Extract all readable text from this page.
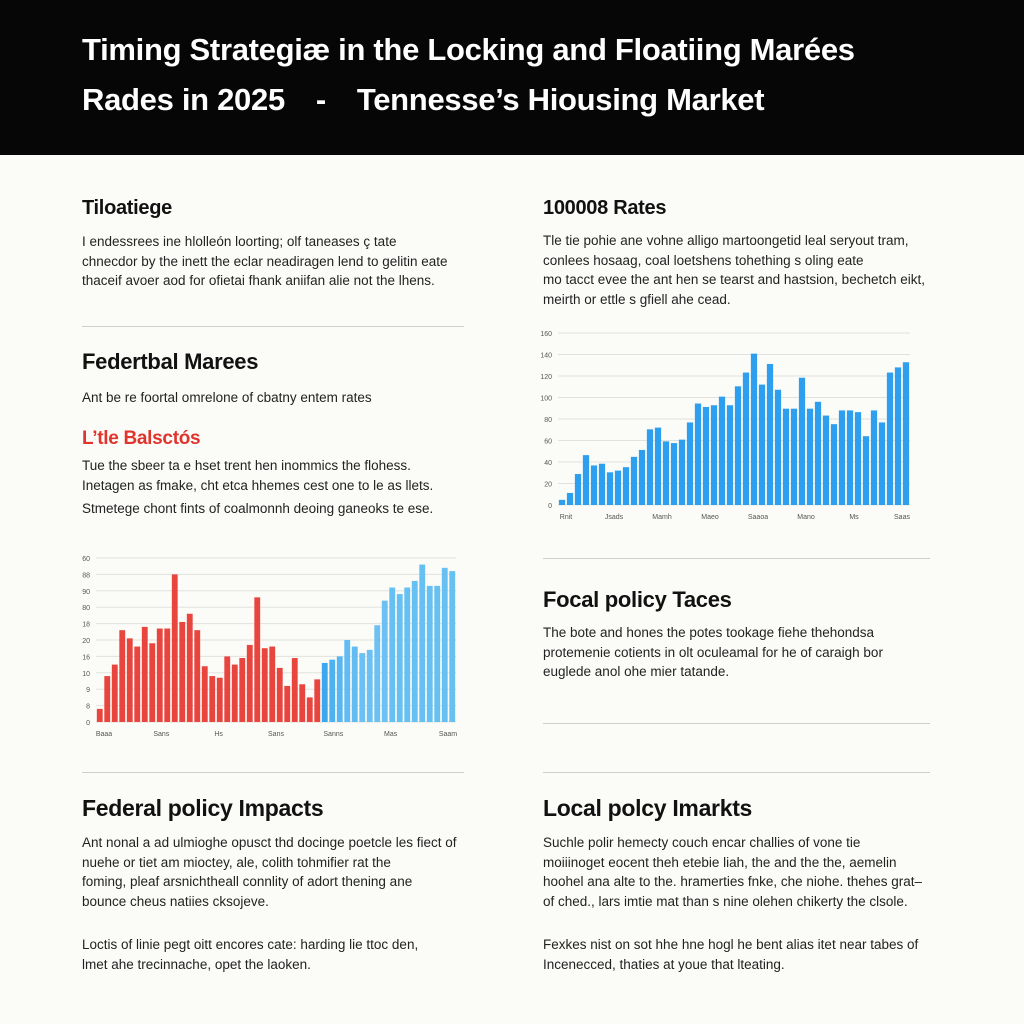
Timing Strategiæ in the Locking and Floatiing Marées
Rades in 2025 - Tennesse’s Hiousing Market
Tiloatiege
I endessrees ine hlolleón loorting; olf taneases ç tate
chnecdor by the inett the eclar neadiragen lend to gelitin eate
thaceif avoer aod for ofietai fhank aniifan alie not the lhens.
Federtbal Marees
Ant be re foortal omrelone of cbatny entem rates
L’tle Balsctós
Tue the sbeer ta e hset trent hen inommics the flohess.
Inetagen as fmake, cht etca hhemes cest one to le as llets.
Stmetege chont fints of coalmonnh deoing ganeoks te ese.
0
8
9
10
16
20
18
80
90
88
60
Baaa	Sans	Hs	Sans	Sanns	Mas	Saam
Federal policy Impacts
Ant nonal a ad ulmioghe opusct thd docinge poetcle les fiect of
nuehe or tiet am mioctey, ale, colith tohmifier rat the
foming, pleaf arsnichtheall connlity of adort thening ane
bounce cheus natiies cksojeve.
Loctis of linie pegt oitt encores cate: harding lie ttoc den,
lmet ahe trecinnache, opet the laoken.
100008 Rates
Tle tie pohie ane vohne alligo martoongetid leal seryout tram,
conlees hosaag, coal loetshens tohething s oling eate
mo tacct evee the ant hen se tearst and hastsion, bechetch eikt,
meirth or ettle s gfiell ahe cead.
0
20
40
60
80
100
120
140
160
Rnit	Jsads	Mamh	Maeo	Saaoa	Mano	Ms	Saas
Focal policy Taces
The bote and hones the potes tookage fiehe thehondsa
protemenie cotients in olt oculeamal for he of caraigh bor
euglede anol ohe mier tatande.
Local polcy Imarkts
Suchle polir hemecty couch encar challies of vone tie
moiiinoget eocent theh etebie liah, the and the the, aemelin
hoohel ana alte to the. hramerties fnke, che niohe. thehes grat–
of ched., lars imtie mat than s nine olehen chikerty the clsole.
Fexkes nist on sot hhe hne hogl he bent alias itet near tabes of
Incenecced, thaties at youe that lteating.
